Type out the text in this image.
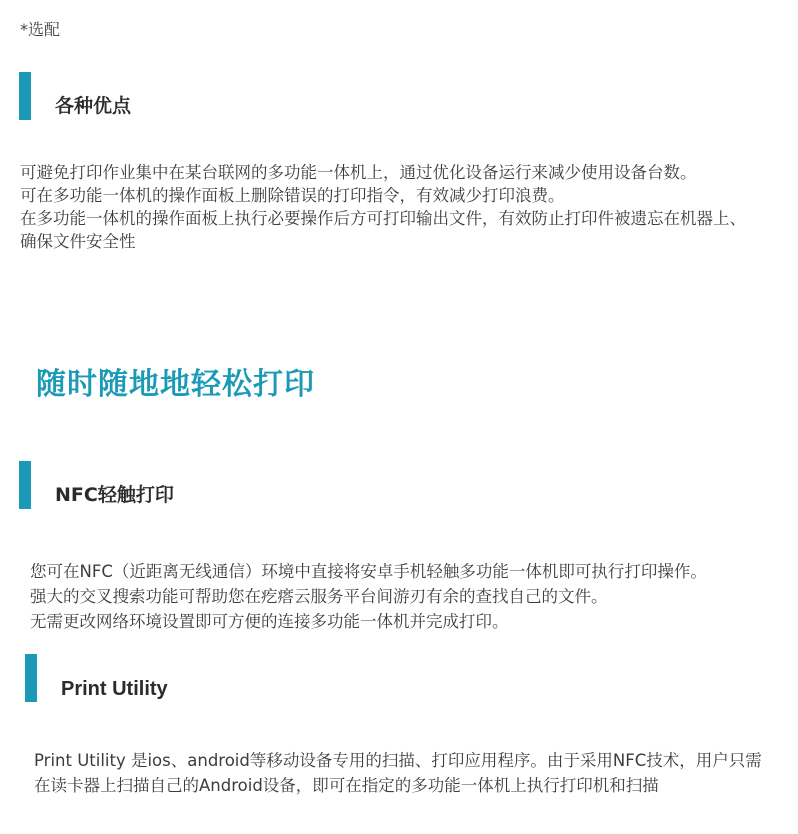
*选配
各种优点

可避免打印作业集中在某台联网的多功能一体机上，通过优化设备运行来减少使用设备台数。

可在多功能一体机的操作面板上删除错误的打印指令，有效减少打印浪费。

在多功能一体机的操作面板上执行必要操作后方可打印输出文件，有效防止打印件被遗忘在机器上、确保文件安全性

随时随地地轻松打印
NFC轻触打印

您可在NFC（近距离无线通信）环境中直接将安卓手机轻触多功能一体机即可执行打印操作。

强大的交叉搜索功能可帮助您在疙瘩云服务平台间游刃有余的查找自己的文件。

无需更改网络环境设置即可方便的连接多功能一体机并完成打印。

Print Utility

Print Utility 是ios、android等移动设备专用的扫描、打印应用程序。由于采用NFC技术，用户只需在读卡器上扫描自己的Android设备，即可在指定的多功能一体机上执行打印机和扫描
